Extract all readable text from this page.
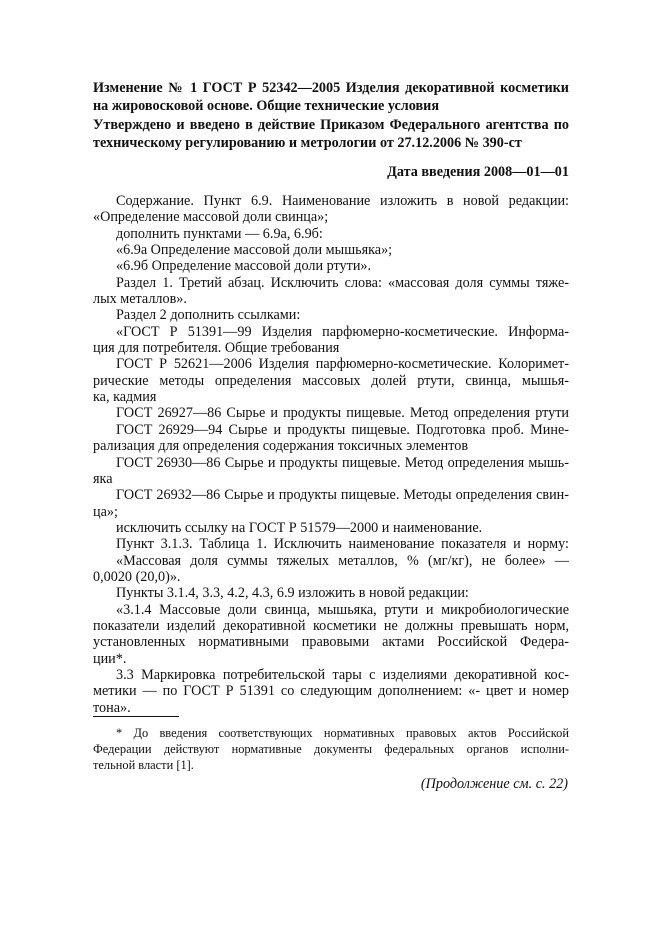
Изменение № 1 ГОСТ Р 52342—2005 Изделия декоративной косметики
на жировосковой основе. Общие технические условия
Утверждено и введено в действие Приказом Федерального агентства по
техническому регулированию и метрологии от 27.12.2006 № 390-ст
Дата введения 2008—01—01
Содержание. Пункт 6.9. Наименование изложить в новой редакции:
«Определение массовой доли свинца»;
дополнить пунктами — 6.9а, 6.9б:
«6.9а Определение массовой доли мышьяка»;
«6.9б Определение массовой доли ртути».
Раздел 1. Третий абзац. Исключить слова: «массовая доля суммы тяже-
лых металлов».
Раздел 2 дополнить ссылками:
«ГОСТ Р 51391—99 Изделия парфюмерно-косметические. Информа-
ция для потребителя. Общие требования
ГОСТ Р 52621—2006 Изделия парфюмерно-косметические. Колоримет-
рические методы определения массовых долей ртути, свинца, мышья-
ка, кадмия
ГОСТ 26927—86 Сырье и продукты пищевые. Метод определения ртути
ГОСТ 26929—94 Сырье и продукты пищевые. Подготовка проб. Мине-
рализация для определения содержания токсичных элементов
ГОСТ 26930—86 Сырье и продукты пищевые. Метод определения мышь-
яка
ГОСТ 26932—86 Сырье и продукты пищевые. Методы определения свин-
ца»;
исключить ссылку на ГОСТ Р 51579—2000 и наименование.
Пункт 3.1.3. Таблица 1. Исключить наименование показателя и норму:
«Массовая доля суммы тяжелых металлов, % (мг/кг), не более» —
0,0020 (20,0)».
Пункты 3.1.4, 3.3, 4.2, 4.3, 6.9 изложить в новой редакции:
«3.1.4 Массовые доли свинца, мышьяка, ртути и микробиологические
показатели изделий декоративной косметики не должны превышать норм,
установленных нормативными правовыми актами Российской Федера-
ции*.
3.3 Маркировка потребительской тары с изделиями декоративной кос-
метики — по ГОСТ Р 51391 со следующим дополнением: «- цвет и номер
тона».
* До введения соответствующих нормативных правовых актов Российской
Федерации действуют нормативные документы федеральных органов исполни-
тельной власти [1].
(Продолжение см. с. 22)
